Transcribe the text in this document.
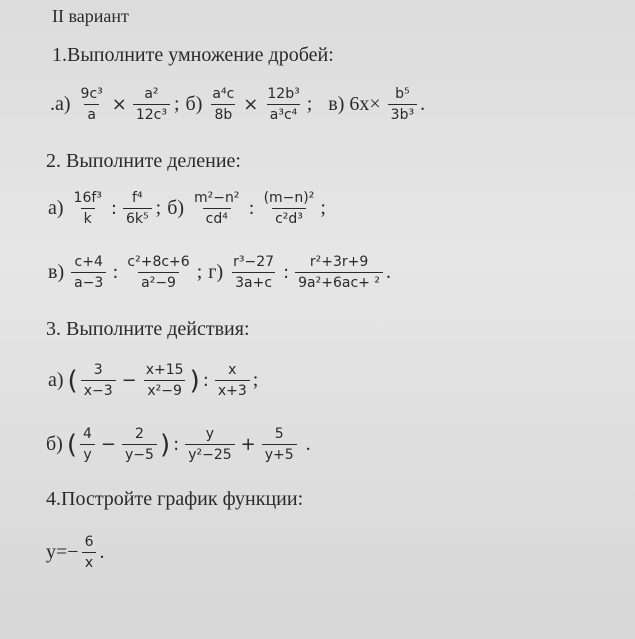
II вариант
1.Выполните умножение дробей:
$.а) \frac{\text{9c³}}{a} \times \frac{\text{a²}}{\text{12c³}}$ ; $б) \frac{\text{a⁴c}}{8b} \times \frac{\text{12b³}}{\text{a³c⁴}}$ ; в) $6х\times \frac{\text{b⁵}}{\text{3b³}}$ .
2. Выполните деление:
$а) \frac{\text{16f³}}{k}$ : $\frac{\text{f⁴}}{\text{6k⁵}}$ ; $б) \frac{\text{m²−n²}}{\text{cd⁴}}$ : $\frac{\text{(m−n)²}}{\text{c²d³}}$ ;
$в) \frac{c+4}{a-3}$ : $\frac{\text{c²+8c+6}}{\text{a²−9}}$ ; $г) \frac{\text{r³−27}}{3a+c}$ : $\frac{\text{r²+3r+9}}{\text{9a²+6ac+ ²}}$ .
3. Выполните действия:
а) ( $\frac{3}{x-3} - \frac{x+15}{\text{x²−9}}$ ) : $\frac{x}{x+3}$ ;
б) ( $\frac{4}{y} - \frac{2}{y-5}$ ) : $\frac{y}{\text{y²−25}} + \frac{5}{y+5}$ .
4.Постройте график функции:
$y=- \frac{6}{x}$ .
